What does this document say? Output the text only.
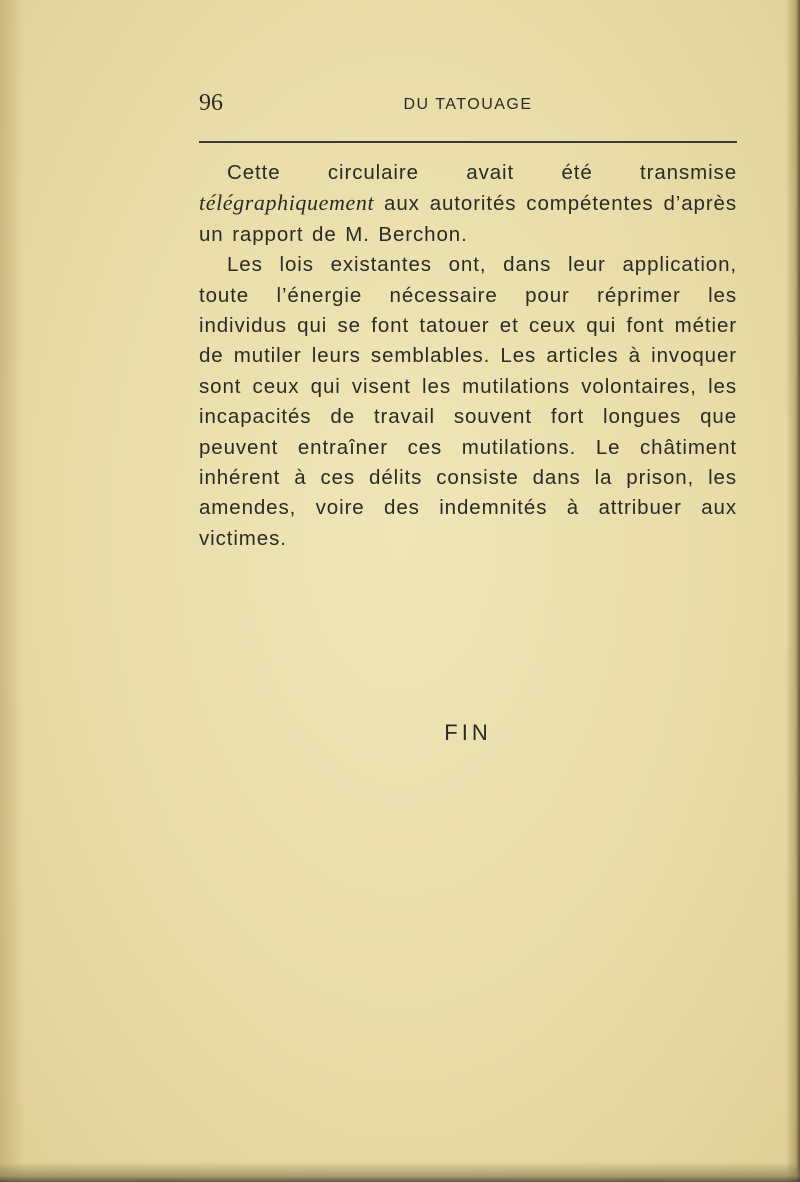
96	DU TATOUAGE

Cette circulaire avait été transmise télégraphiquement aux autorités compétentes d’après un rapport de M. Berchon.

Les lois existantes ont, dans leur application, toute l’énergie nécessaire pour réprimer les individus qui se font tatouer et ceux qui font métier de mutiler leurs semblables. Les articles à invoquer sont ceux qui visent les mutilations volontaires, les incapacités de travail souvent fort longues que peuvent entraîner ces mutilations. Le châtiment inhérent à ces délits consiste dans la prison, les amendes, voire des indemnités à attribuer aux victimes.

FIN
